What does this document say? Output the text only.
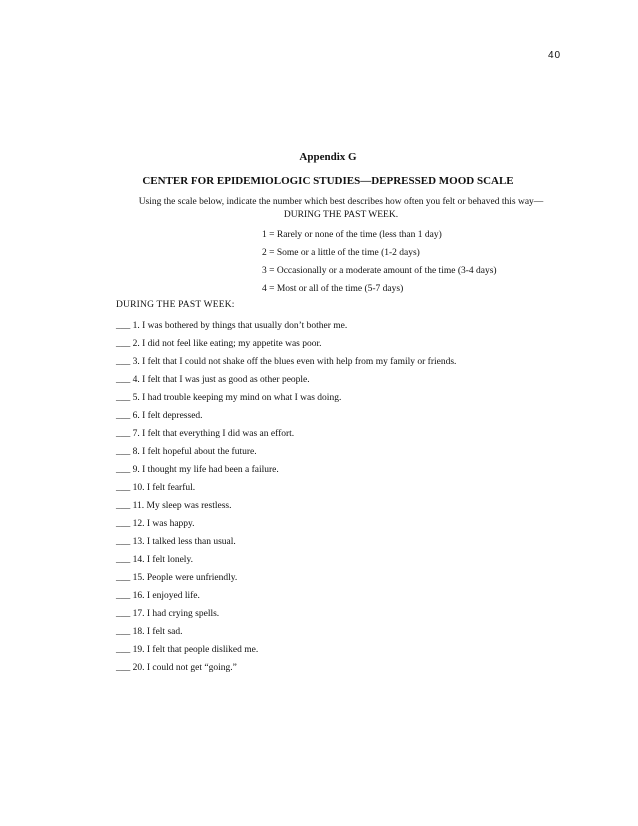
40
Appendix G
CENTER FOR EPIDEMIOLOGIC STUDIES—DEPRESSED MOOD SCALE
Using the scale below, indicate the number which best describes how often you felt or behaved this way—
DURING THE PAST WEEK.
1 = Rarely or none of the time (less than 1 day)
2 = Some or a little of the time (1-2 days)
3 = Occasionally or a moderate amount of the time (3-4 days)
4 = Most or all of the time (5-7 days)
DURING THE PAST WEEK:
___ 1. I was bothered by things that usually don’t bother me.
___ 2. I did not feel like eating; my appetite was poor.
___ 3. I felt that I could not shake off the blues even with help from my family or friends.
___ 4. I felt that I was just as good as other people.
___ 5. I had trouble keeping my mind on what I was doing.
___ 6. I felt depressed.
___ 7. I felt that everything I did was an effort.
___ 8. I felt hopeful about the future.
___ 9. I thought my life had been a failure.
___ 10. I felt fearful.
___ 11. My sleep was restless.
___ 12. I was happy.
___ 13. I talked less than usual.
___ 14. I felt lonely.
___ 15. People were unfriendly.
___ 16. I enjoyed life.
___ 17. I had crying spells.
___ 18. I felt sad.
___ 19. I felt that people disliked me.
___ 20. I could not get “going.”
